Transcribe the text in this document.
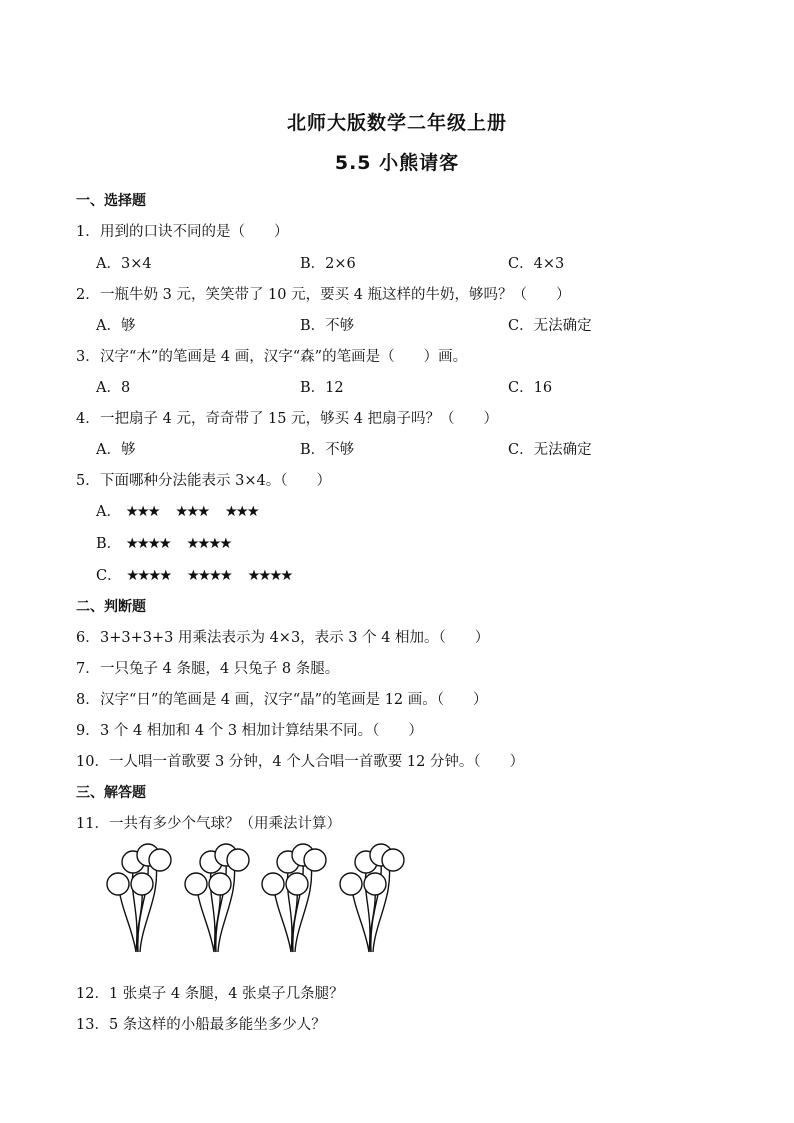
北师大版数学二年级上册
5.5 小熊请客
一、选择题
1．用到的口诀不同的是（　　）
A．3×4	B．2×6	C．4×3
2．一瓶牛奶 3 元，笑笑带了 10 元，要买 4 瓶这样的牛奶，够吗？（　　）
A．够	B．不够	C．无法确定
3．汉字“木”的笔画是 4 画，汉字“森”的笔画是（　　）画。
A．8	B．12	C．16
4．一把扇子 4 元，奇奇带了 15 元，够买 4 把扇子吗？（　　）
A．够	B．不够	C．无法确定
5．下面哪种分法能表示 3×4。（　　）
A． ★★★ ★★★ ★★★
B． ★★★★ ★★★★
C． ★★★★ ★★★★ ★★★★
二、判断题
6．3+3+3+3 用乘法表示为 4×3，表示 3 个 4 相加。（　　）
7．一只兔子 4 条腿，4 只兔子 8 条腿。
8．汉字“日”的笔画是 4 画，汉字“晶”的笔画是 12 画。（　　）
9．3 个 4 相加和 4 个 3 相加计算结果不同。（　　）
10．一人唱一首歌要 3 分钟，4 个人合唱一首歌要 12 分钟。（　　）
三、解答题
11．一共有多少个气球？（用乘法计算）
12．1 张桌子 4 条腿，4 张桌子几条腿？
13．5 条这样的小船最多能坐多少人？
